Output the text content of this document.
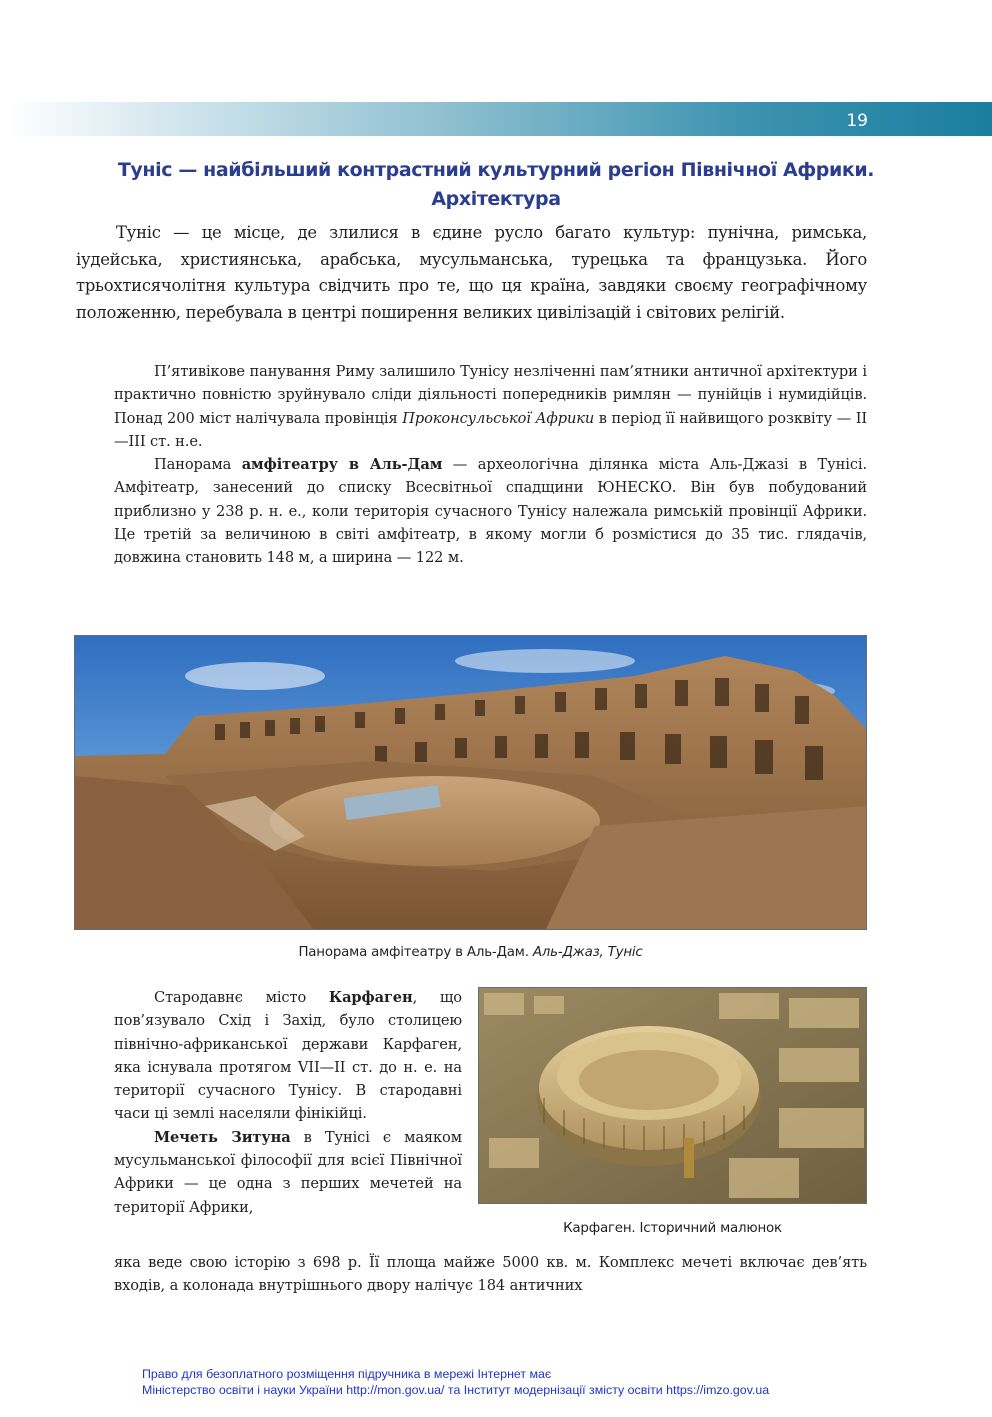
19
Туніс — найбільший контрастний культурний регіон Північної Африки.
Архітектура

Туніс — це місце, де злилися в єдине русло багато культур: пунічна, римська, іудейська, християнська, арабська, мусульманська, турецька та французька. Його трьохтисячолітня культура свідчить про те, що ця країна, завдяки своєму географічному положенню, перебувала в центрі поширення великих цивілізацій і світових релігій.

П’ятивікове панування Риму залишило Тунісу незліченні пам’ятники античної архітектури і практично повністю зруйнувало сліди діяльності попередників римлян — пунійців і нумидійців. Понад 200 міст налічувала провінція Проконсульської Африки в період її найвищого розквіту — II—III ст. н.е.

Панорама амфітеатру в Аль-Дам — археологічна ділянка міста Аль-Джазі в Тунісі. Амфітеатр, занесений до списку Всесвітньої спадщини ЮНЕСКО. Він був побудований приблизно у 238 р. н. е., коли територія сучасного Тунісу належала римській провінції Африки. Це третій за величиною в світі амфітеатр, в якому могли б розмістися до 35 тис. глядачів, довжина становить 148 м, а ширина — 122 м.

Панорама амфітеатру в Аль-Дам. Аль-Джаз, Туніс

Стародавнє місто Карфаген, що пов’язувало Схід і Захід, було столицею північно-африканської держави Карфаген, яка існувала протягом VII—II ст. до н. е. на території сучасного Тунісу. В стародавні часи ці землі населяли фінікійці.

Мечеть Зитуна в Тунісі є маяком мусульманської філософії для всієї Північної Африки — це одна з перших мечетей на території Африки,

Карфаген. Історичний малюнок

яка веде свою історію з 698 р. Її площа майже 5000 кв. м. Комплекс мечеті включає дев’ять входів, а колонада внутрішнього двору налічує 184 античних

Право для безоплатного розміщення підручника в мережі Інтернет має
Міністерство освіти і науки України http://mon.gov.ua/ та Інститут модернізації змісту освіти https://imzo.gov.ua
